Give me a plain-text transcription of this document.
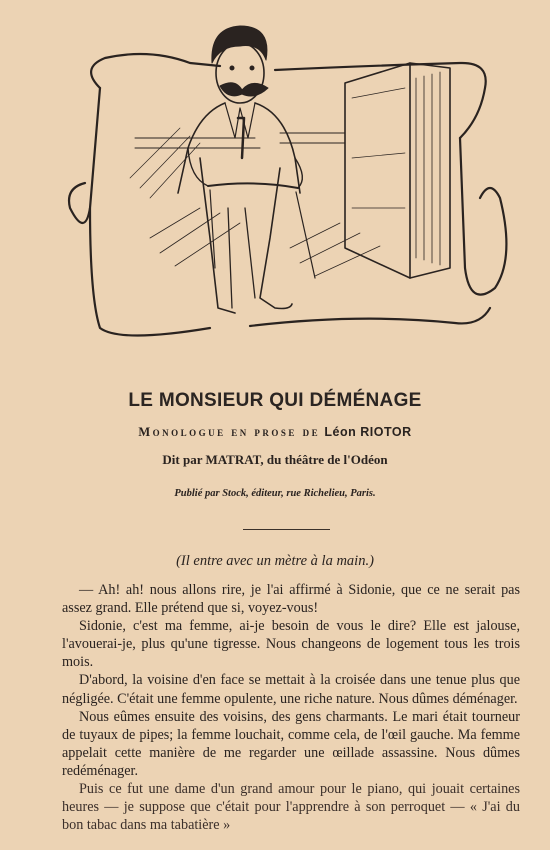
LE MONSIEUR QUI DÉMÉNAGE
Monologue en prose de Léon RIOTOR
Dit par MATRAT, du théâtre de l'Odéon
Publié par Stock, éditeur, rue Richelieu, Paris.
(Il entre avec un mètre à la main.)

— Ah! ah! nous allons rire, je l'ai affirmé à Sidonie, que ce ne serait pas assez grand. Elle prétend que si, voyez-vous!

Sidonie, c'est ma femme, ai-je besoin de vous le dire? Elle est jalouse, l'avouerai-je, plus qu'une tigresse. Nous changeons de logement tous les trois mois.

D'abord, la voisine d'en face se mettait à la croisée dans une tenue plus que négligée. C'était une femme opulente, une riche nature. Nous dûmes déménager.

Nous eûmes ensuite des voisins, des gens charmants. Le mari était tourneur de tuyaux de pipes; la femme louchait, comme cela, de l'œil gauche. Ma femme appelait cette manière de me regarder une œillade assassine. Nous dûmes redéménager.

Puis ce fut une dame d'un grand amour pour le piano, qui jouait certaines heures — je suppose que c'était pour l'apprendre à son perroquet — « J'ai du bon tabac dans ma tabatière »
